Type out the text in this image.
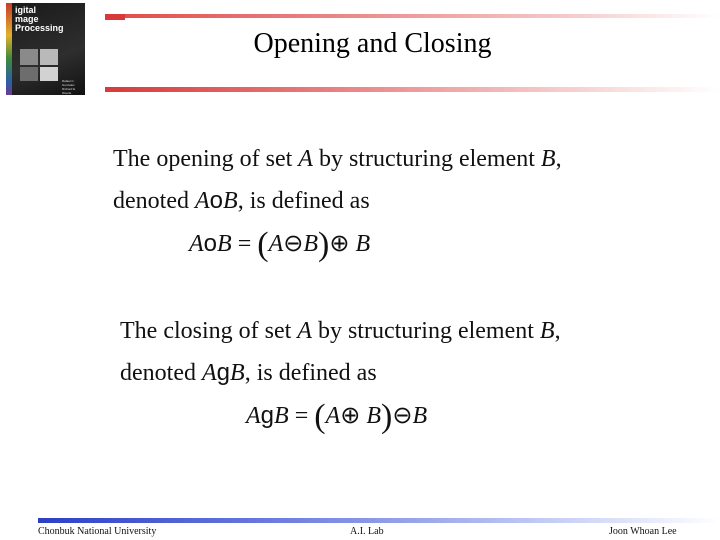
igital
mage
Processing
Rafael C. Gonzalez Richard E. Woods
Opening and Closing
The opening of set A by structuring element B,
denoted AoB, is defined as
AoB = (A⊖B)⊕ B
The closing of set A by structuring element B,
denoted AgB, is defined as
AgB = (A⊕ B)⊖B
Chonbuk National University	A.I. Lab	Joon Whoan Lee
